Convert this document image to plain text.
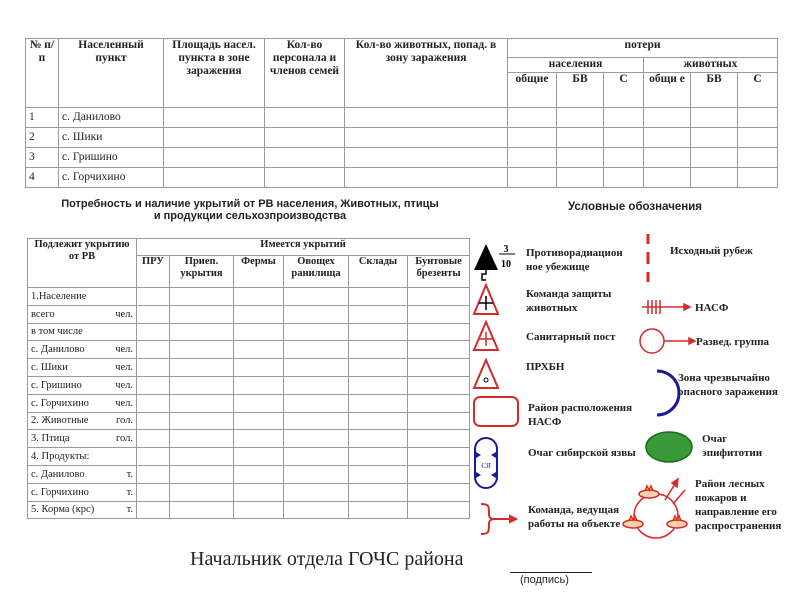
№ п/п	Населенный пункт	Площадь насел. пункта в зоне заражения	Кол-во персонала и членов семей	Кол-во животных, попад. в зону заражения	потери					
					населения			животных		
					общие	БВ	С	общи е	БВ	С
1	с. Данилово									
2	с. Шики									
3	с. Гришино									
4	с. Горчихино									
Потребность и наличие укрытий от РВ населения, Животных, птицы и продукции сельхозпроизводства
Подлежит укрытию от РВ	Имеется укрытий					
	ПРУ	Приеп. укрытия	Фермы	Овощех ранилища	Склады	Бунтовые брезенты

1.Население						

всего чел.						

в том числе						

с. Данилово чел.						

с. Шики чел.						

с. Гришино чел.						

с. Горчихино чел.						

2. Животные гол.						

3. Птица гол.						

4. Продукты:						

с. Данилово т.						

с. Горчихино т.						

5. Корма (крс) т.						

Условные обозначения
3
10
СЯ
Противорадиацион ное убежище
Команда защиты животных
Санитарный пост
ПРХБН
Район расположения НАСФ
Очаг сибирской язвы
Команда, ведущая работы на объекте
Исходный рубеж
НАСФ
Развед. группа
Зона чрезвычайно опасного заражения
Очаг эпифитотии
Район лесных пожаров и направление его распространения
Начальник отдела ГОЧС района
(подпись)
